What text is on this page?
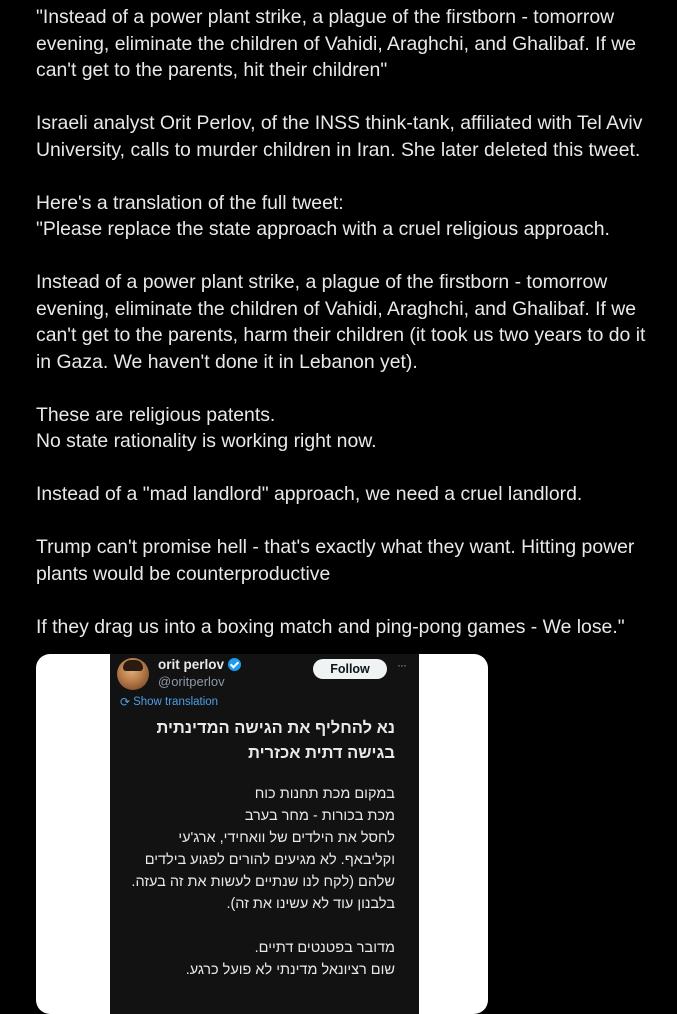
"Instead of a power plant strike, a plague of the firstborn - tomorrow evening, eliminate the children of Vahidi, Araghchi, and Ghalibaf. If we can't get to the parents, hit their children"

Israeli analyst Orit Perlov, of the INSS think-tank, affiliated with Tel Aviv University, calls to murder children in Iran. She later deleted this tweet.

Here's a translation of the full tweet:
"Please replace the state approach with a cruel religious approach.

Instead of a power plant strike, a plague of the firstborn - tomorrow evening, eliminate the children of Vahidi, Araghchi, and Ghalibaf. If we can't get to the parents, harm their children (it took us two years to do it in Gaza. We haven't done it in Lebanon yet).

These are religious patents.
No state rationality is working right now.

Instead of a "mad landlord" approach, we need a cruel landlord.

Trump can't promise hell - that's exactly what they want. Hitting power plants would be counterproductive

If they drag us into a boxing match and ping-pong games - We lose."

orit perlov
@oritperlov
Follow	···
⟳ Show translation
נא להחליף את הגישה המדינתית בגישה דתית אכזרית

במקום מכת תחנות כוח
מכת בכורות - מחר בערב
לחסל את הילדים של וואחידי, ארג'עי
וקליבאף. לא מגיעים להורים לפגוע בילדים
שלהם (לקח לנו שנתיים לעשות את זה בעזה.
בלבנון עוד לא עשינו את זה).

מדובר בפטנטים דתיים.
שום רציונאל מדינתי לא פועל כרגע.
